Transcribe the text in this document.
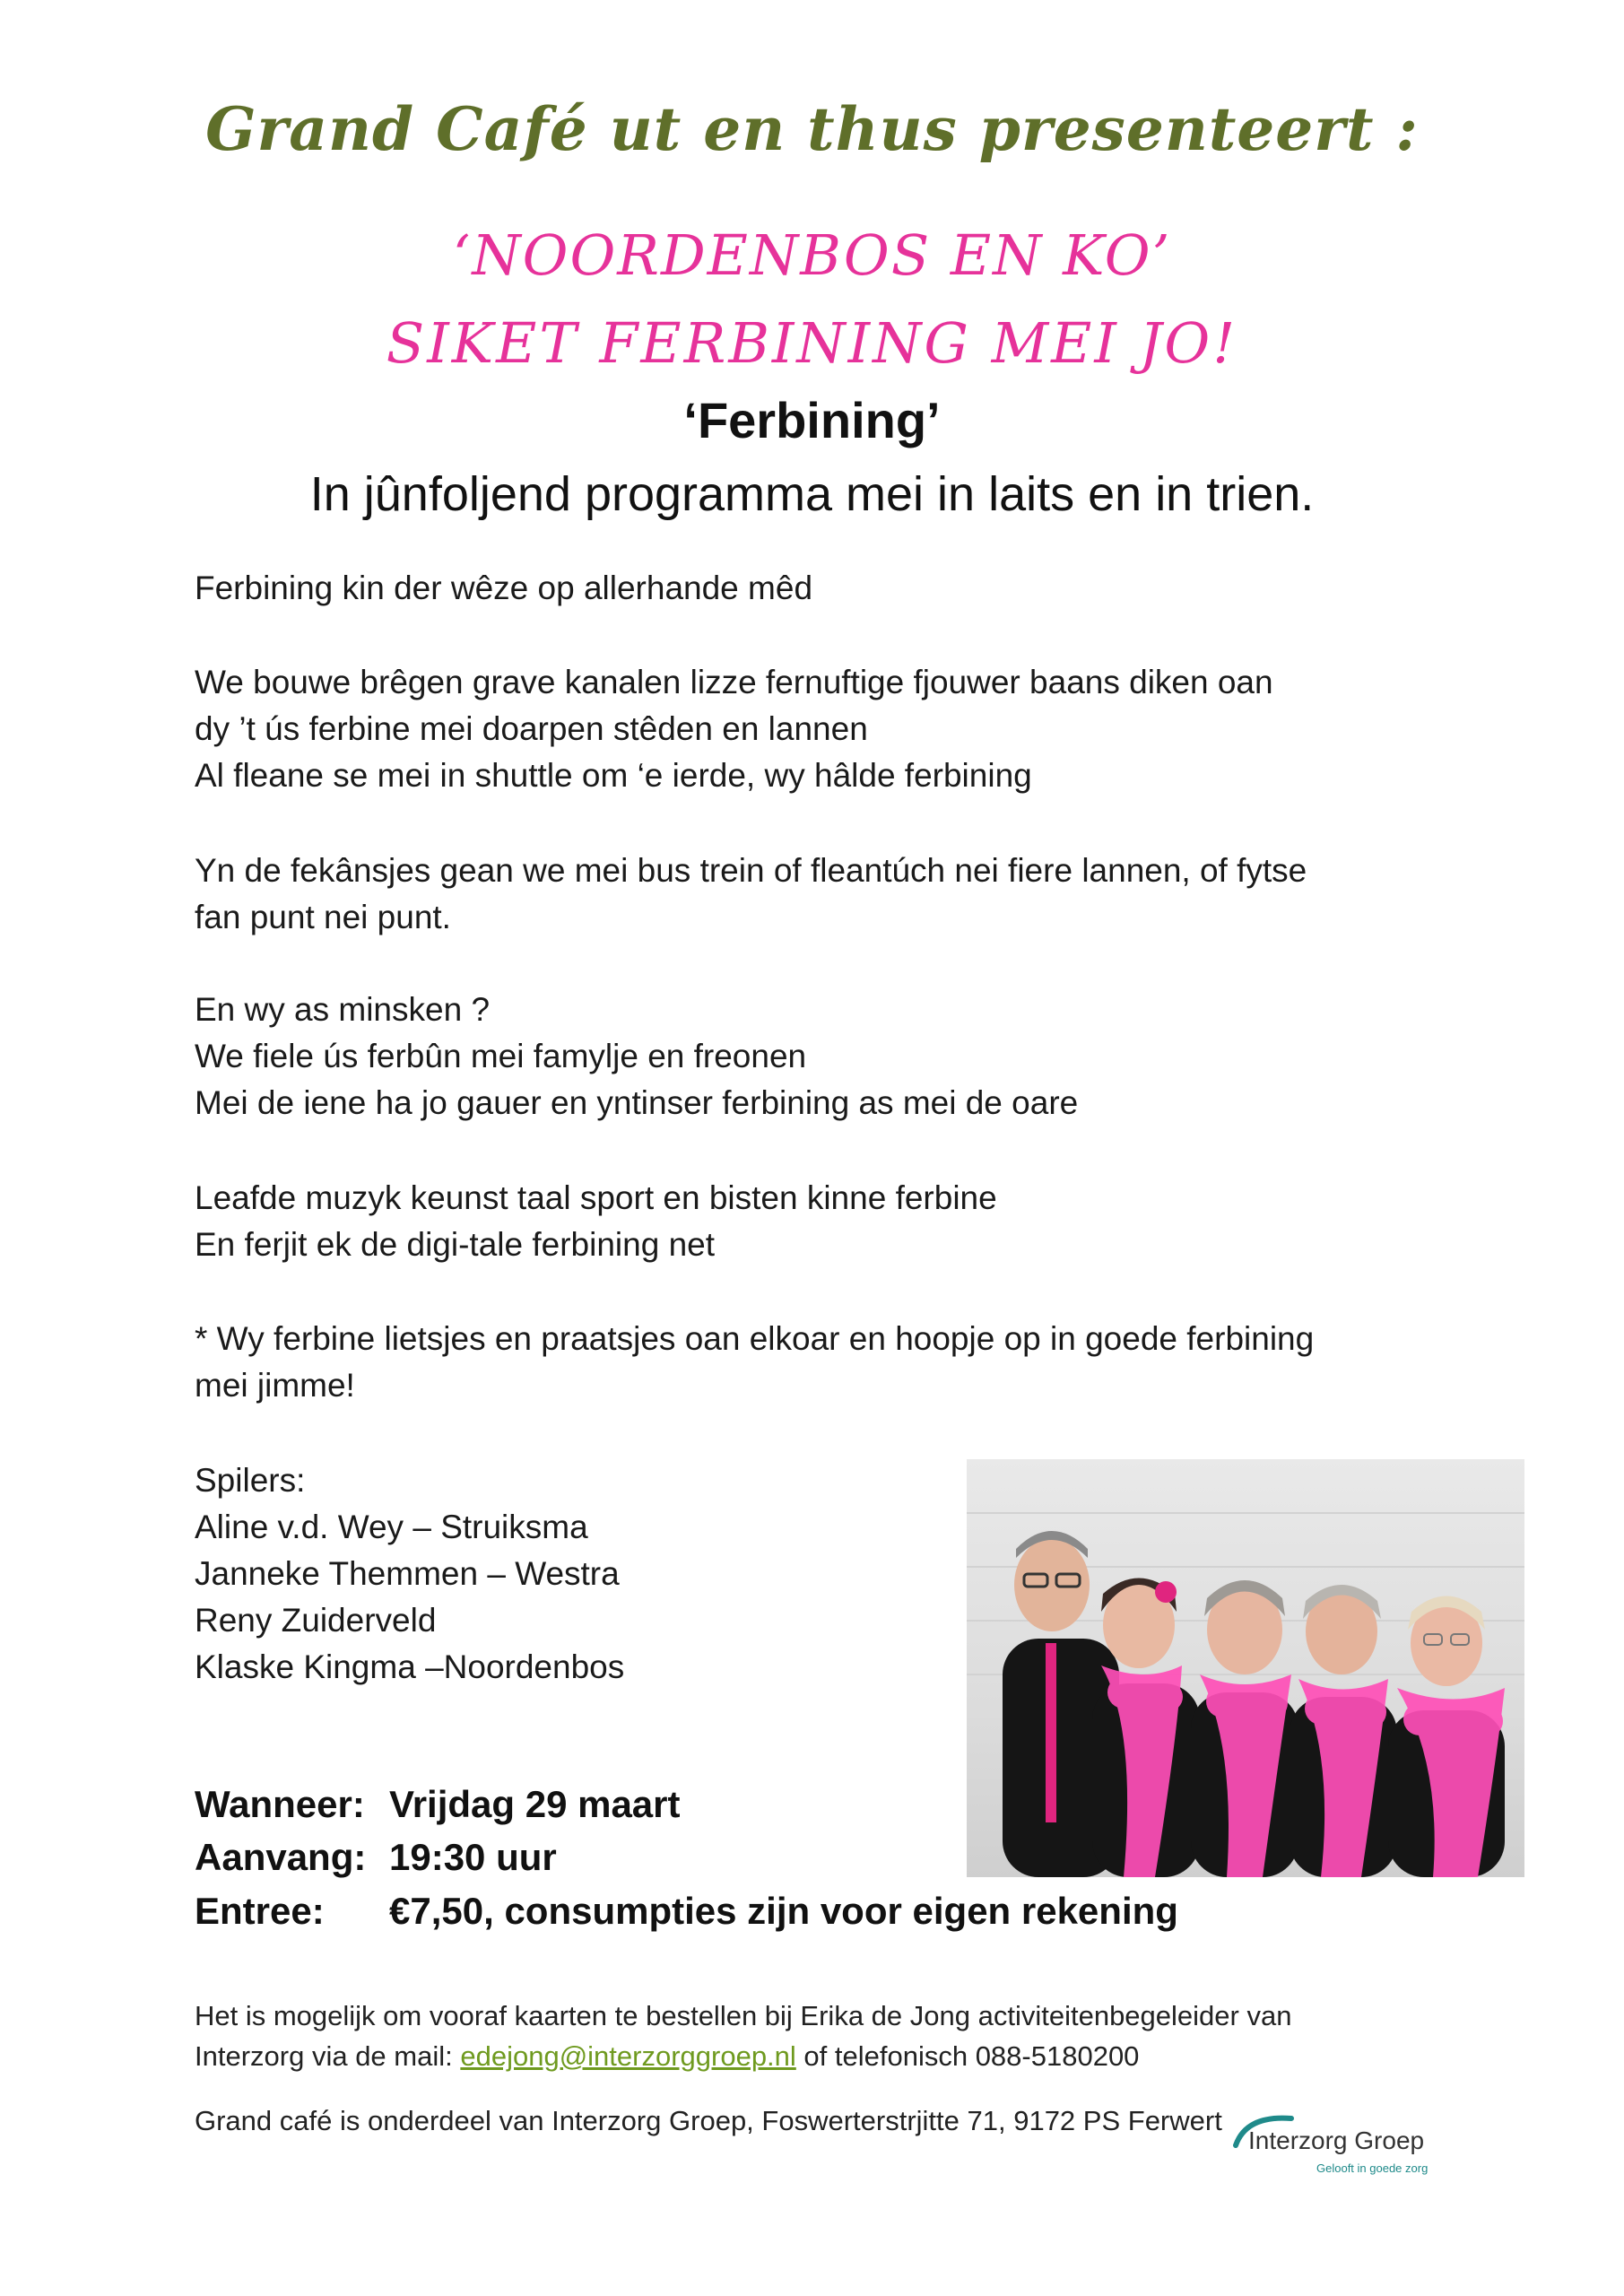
Grand Café ut en thus presenteert :
‘NOORDENBOS EN KO’
SIKET FERBINING MEI JO!
‘Ferbining’
In jûnfoljend programma mei in laits en in trien.

Ferbining kin der wêze op allerhande mêd

We bouwe brêgen grave kanalen lizze fernuftige fjouwer baans diken oan

dy ’t ús ferbine mei doarpen stêden en lannen

Al fleane se mei in shuttle om ‘e ierde, wy hâlde ferbining

Yn de fekânsjes gean we mei bus trein of fleantúch nei fiere lannen, of fytse

fan punt nei punt.

En wy as minsken ?

We fiele ús ferbûn mei famylje en freonen

Mei de iene ha jo gauer en yntinser ferbining as mei de oare

Leafde muzyk keunst taal sport en bisten kinne ferbine

En ferjit ek de digi-tale ferbining net

* Wy ferbine lietsjes en praatsjes oan elkoar en hoopje op in goede ferbining

mei jimme!

Spilers:
Aline v.d. Wey – Struiksma
Janneke Themmen – Westra
Reny Zuiderveld
Klaske Kingma –Noordenbos
Wanneer: Vrijdag 29 maart
Aanvang: 19:30 uur
Entree: €7,50, consumpties zijn voor eigen rekening
Het is mogelijk om vooraf kaarten te bestellen bij Erika de Jong activiteitenbegeleider van
Interzorg via de mail: edejong@interzorggroep.nl of telefonisch 088-5180200
Grand café is onderdeel van Interzorg Groep, Foswerterstrjitte 71, 9172 PS Ferwert
Interzorg Groep
Gelooft in goede zorg
